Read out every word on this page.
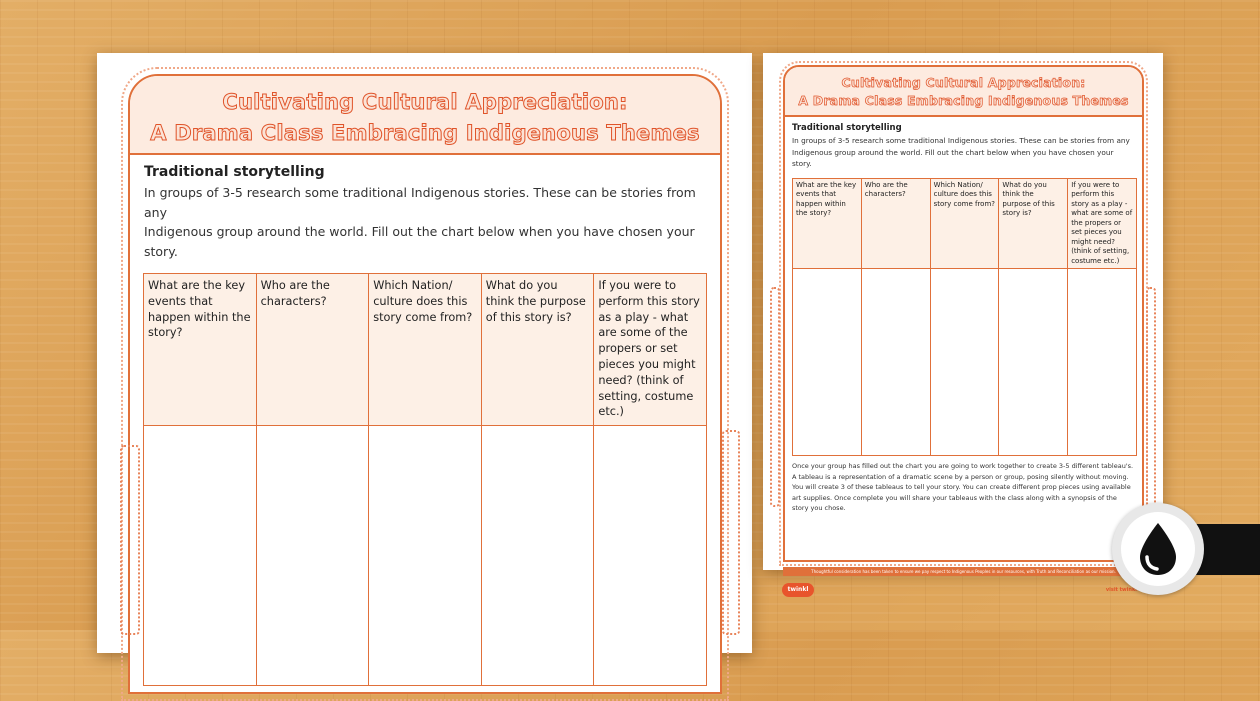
Cultivating Cultural Appreciation:
A Drama Class Embracing Indigenous Themes
Traditional storytelling
In groups of 3-5 research some traditional Indigenous stories. These can be stories from any
Indigenous group around the world. Fill out the chart below when you have chosen your story.
What are the key events that happen within the story?	Who are the characters?	Which Nation/ culture does this story come from?	What do you think the purpose of this story is?	If you were to perform this story as a play - what are some of the propers or set pieces you might need? (think of setting, costume etc.)

Cultivating Cultural Appreciation:
A Drama Class Embracing Indigenous Themes
Traditional storytelling
In groups of 3-5 research some traditional Indigenous stories. These can be stories from any Indigenous group around the world. Fill out the chart below when you have chosen your story.
What are the key events that happen within the story?	Who are the characters?	Which Nation/ culture does this story come from?	What do you think the purpose of this story is?	If you were to perform this story as a play - what are some of the propers or set pieces you might need? (think of setting, costume etc.)

Once your group has filled out the chart you are going to work together to create 3-5 different tableau's. A tableau is a representation of a dramatic scene by a person or group, posing silently without moving. You will create 3 of these tableaus to tell your story. You can create different prop pieces using available art supplies. Once complete you will share your tableaus with the class along with a synopsis of the story you chose.
Thoughtful consideration has been taken to ensure we pay respect to Indigenous Peoples in our resources, with Truth and Reconciliation as our mission.
twinkl	visit twinkl
